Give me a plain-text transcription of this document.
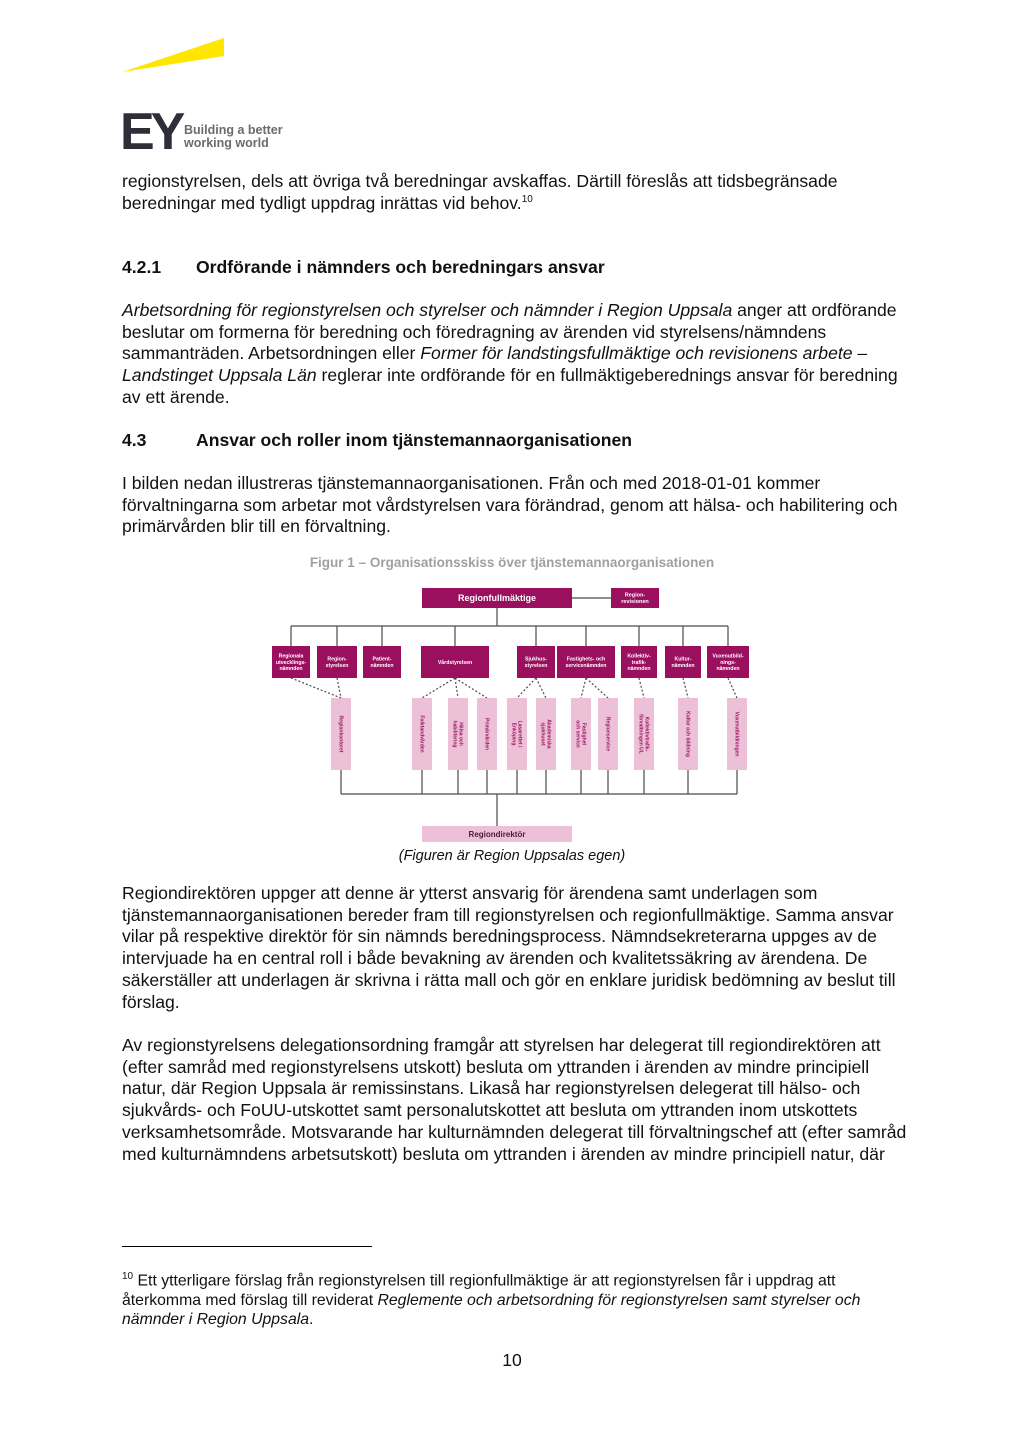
EY Building a better
working world

regionstyrelsen, dels att övriga två beredningar avskaffas. Därtill föreslås att tidsbegränsade beredningar med tydligt uppdrag inrättas vid behov.$^{10}$

4.2.1 Ordförande i nämnders och beredningars ansvar

Arbetsordning för regionstyrelsen och styrelser och nämnder i Region Uppsala anger att ordförande beslutar om formerna för beredning och föredragning av ärenden vid styrelsens/nämndens sammanträden. Arbetsordningen eller Former för landstingsfullmäktige och revisionens arbete – Landstinget Uppsala Län reglerar inte ordförande för en fullmäktigeberednings ansvar för beredning av ett ärende.

4.3	Ansvar och roller inom tjänstemannaorganisationen

I bilden nedan illustreras tjänstemannaorganisationen. Från och med 2018-01-01 kommer förvaltningarna som arbetar mot vårdstyrelsen vara förändrad, genom att hälsa- och habilitering och primärvården blir till en förvaltning.

Figur 1 – Organisationsskiss över tjänstemannaorganisationen
Regionfullmäktige	Region-revisionen
Regionala utvecklings-nämnden
Region-styrelsen
Patient-nämnden
Vårdstyrelsen
Sjukhus-styrelsen
Fastighets- och servicenämnden
Kollektiv-trafik-nämnden
Kultur-nämnden
Vuxenutbild-nings-nämnden
Regionkontoret	Folktandvården	Hälsa ochhabilitering	Primärvården	Lasarettet iEnköping	Akademiskasjukhuset	Fastighetoch service	Regionservice	Kollektivtrafik-förvaltningen UL	Kultur och bildning	Vuxenutbildningen
Regiondirektör
(Figuren är Region Uppsalas egen)

Regiondirektören uppger att denne är ytterst ansvarig för ärendena samt underlagen som tjänstemannaorganisationen bereder fram till regionstyrelsen och regionfullmäktige. Samma ansvar vilar på respektive direktör för sin nämnds beredningsprocess. Nämndsekreterarna uppges av de intervjuade ha en central roll i både bevakning av ärenden och kvalitetssäkring av ärendena. De säkerställer att underlagen är skrivna i rätta mall och gör en enklare juridisk bedömning av beslut till förslag.

Av regionstyrelsens delegationsordning framgår att styrelsen har delegerat till regiondirektören att (efter samråd med regionstyrelsens utskott) besluta om yttranden i ärenden av mindre principiell natur, där Region Uppsala är remissinstans. Likaså har regionstyrelsen delegerat till hälso- och sjukvårds- och FoUU-utskottet samt personalutskottet att besluta om yttranden inom utskottets verksamhetsområde. Motsvarande har kulturnämnden delegerat till förvaltningschef att (efter samråd med kulturnämndens arbetsutskott) besluta om yttranden i ärenden av mindre principiell natur, där

$^{10}$ Ett ytterligare förslag från regionstyrelsen till regionfullmäktige är att regionstyrelsen får i uppdrag att återkomma med förslag till reviderat Reglemente och arbetsordning för regionstyrelsen samt styrelser och nämnder i Region Uppsala.
10
